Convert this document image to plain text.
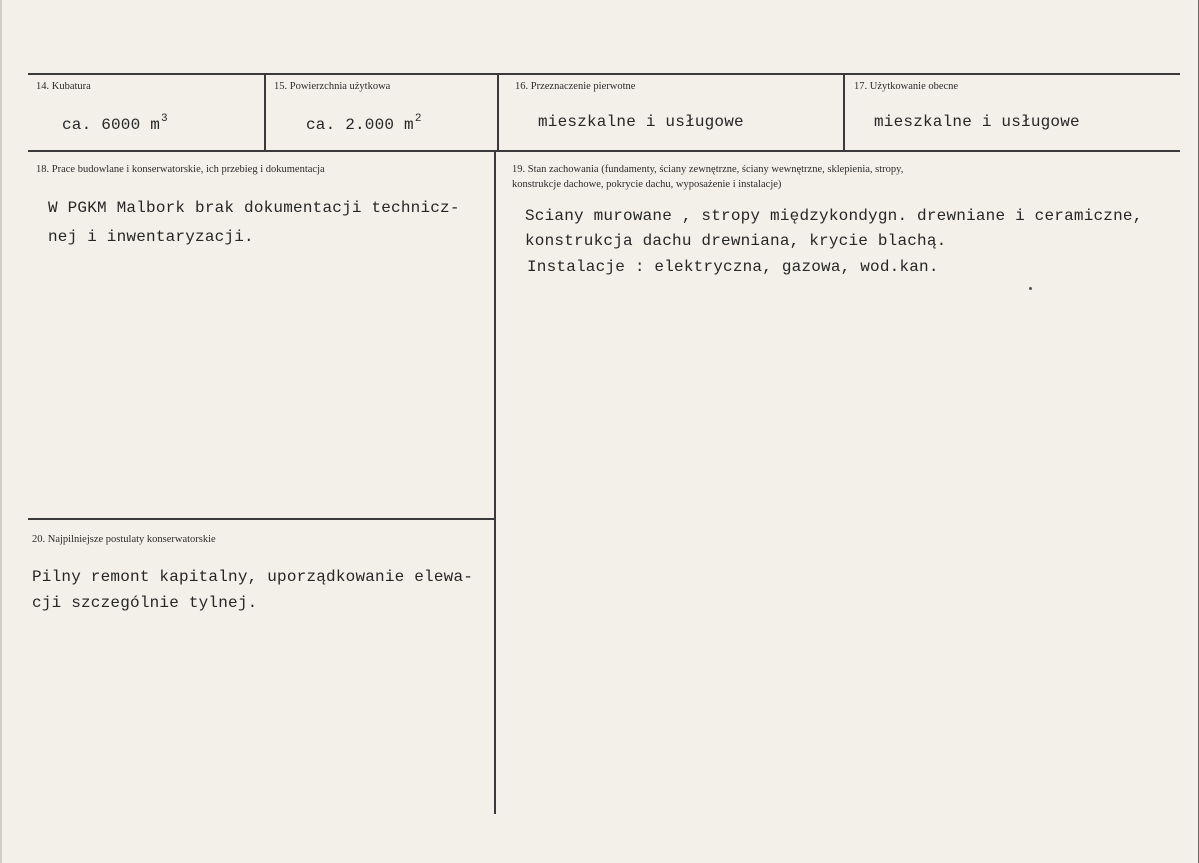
14. Kubatura
ca. 6000 $m^3$
15. Powierzchnia użytkowa
ca. 2.000 $m^2$
16. Przeznaczenie pierwotne
mieszkalne i usługowe
17. Użytkowanie obecne
mieszkalne i usługowe
18. Prace budowlane i konserwatorskie, ich przebieg i dokumentacja
W PGKM Malbork brak dokumentacji technicz-
nej i inwentaryzacji.
19. Stan zachowania (fundamenty, ściany zewnętrzne, ściany wewnętrzne, sklepienia, stropy,
konstrukcje dachowe, pokrycie dachu, wyposażenie i instalacje)
Sciany murowane , stropy międzykondygn. drewniane i ceramiczne,
konstrukcja dachu drewniana, krycie blachą.
Instalacje : elektryczna, gazowa, wod.kan.
20. Najpilniejsze postulaty konserwatorskie
Pilny remont kapitalny, uporządkowanie elewa-
cji szczególnie tylnej.
